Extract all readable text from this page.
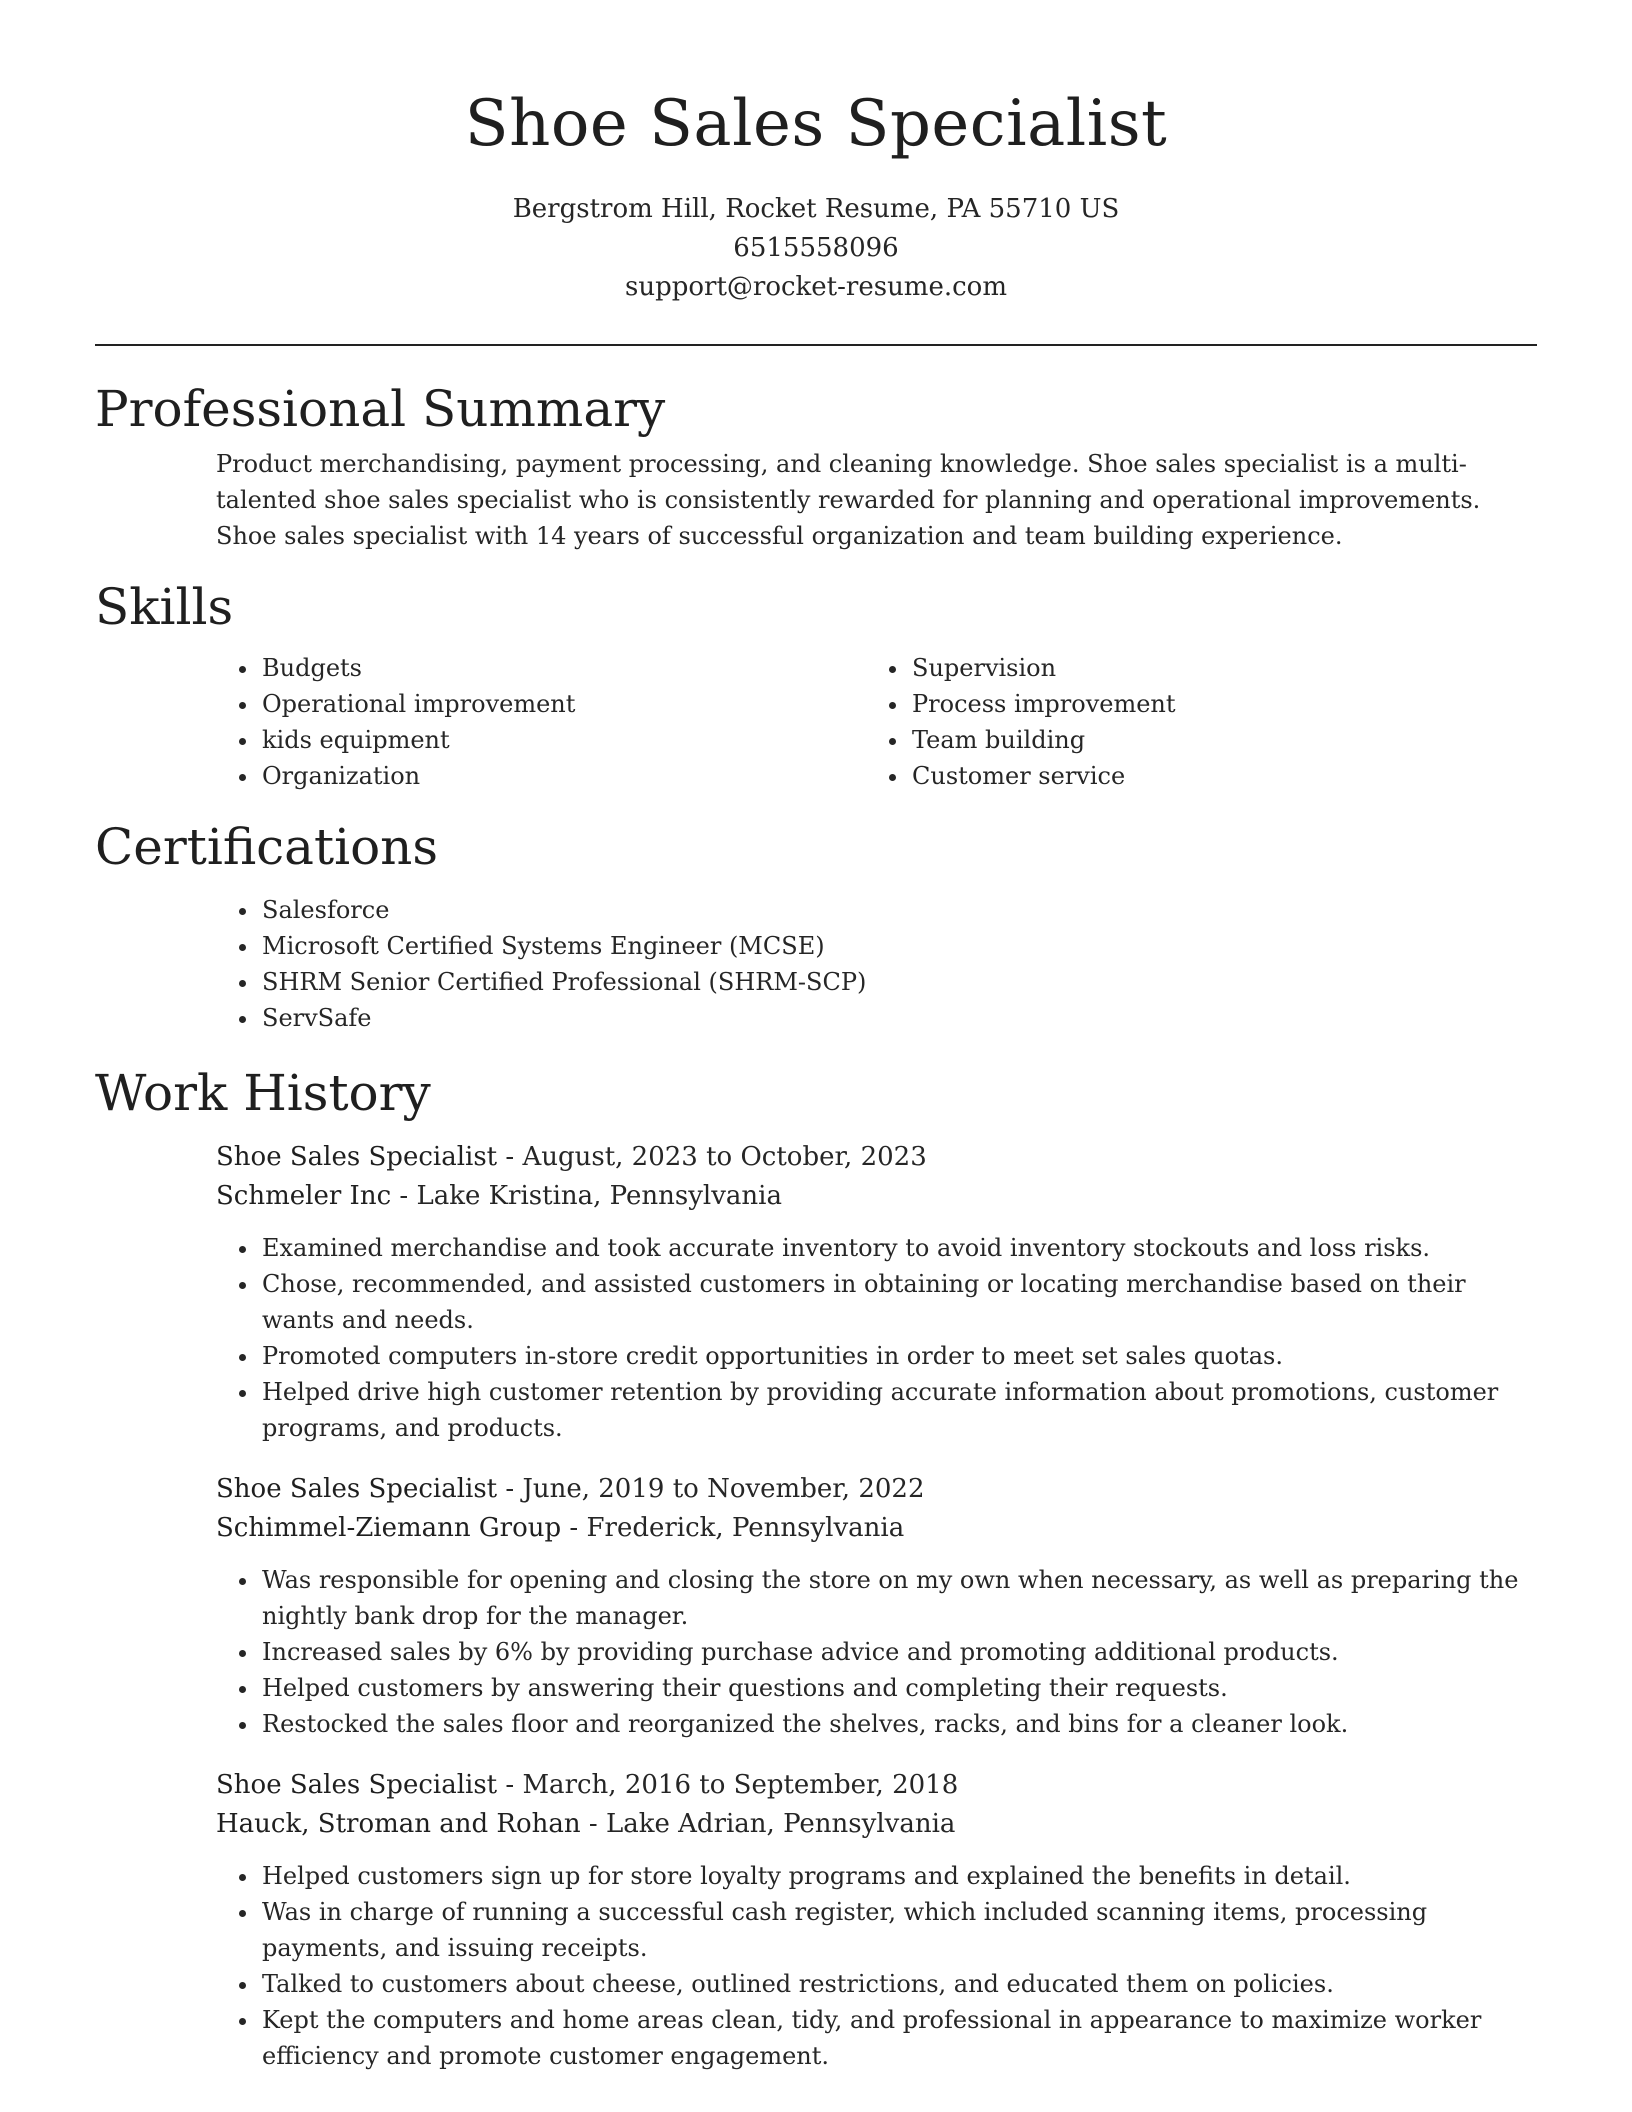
Shoe Sales Specialist
Bergstrom Hill, Rocket Resume, PA 55710 US
6515558096
support@rocket-resume.com
Professional Summary
Product merchandising, payment processing, and cleaning knowledge. Shoe sales specialist is a multi-talented shoe sales specialist who is consistently rewarded for planning and operational improvements. Shoe sales specialist with 14 years of successful organization and team building experience.
Skills
• Budgets
• Operational improvement
• kids equipment
• Organization
• Supervision
• Process improvement
• Team building
• Customer service
Certifications
• Salesforce
• Microsoft Certified Systems Engineer (MCSE)
• SHRM Senior Certified Professional (SHRM-SCP)
• ServSafe
Work History
Shoe Sales Specialist - August, 2023 to October, 2023
Schmeler Inc - Lake Kristina, Pennsylvania
• Examined merchandise and took accurate inventory to avoid inventory stockouts and loss risks.
• Chose, recommended, and assisted customers in obtaining or locating merchandise based on their wants and needs.
• Promoted computers in-store credit opportunities in order to meet set sales quotas.
• Helped drive high customer retention by providing accurate information about promotions, customer programs, and products.
Shoe Sales Specialist - June, 2019 to November, 2022
Schimmel-Ziemann Group - Frederick, Pennsylvania
• Was responsible for opening and closing the store on my own when necessary, as well as preparing the nightly bank drop for the manager.
• Increased sales by 6% by providing purchase advice and promoting additional products.
• Helped customers by answering their questions and completing their requests.
• Restocked the sales floor and reorganized the shelves, racks, and bins for a cleaner look.
Shoe Sales Specialist - March, 2016 to September, 2018
Hauck, Stroman and Rohan - Lake Adrian, Pennsylvania
• Helped customers sign up for store loyalty programs and explained the benefits in detail.
• Was in charge of running a successful cash register, which included scanning items, processing payments, and issuing receipts.
• Talked to customers about cheese, outlined restrictions, and educated them on policies.
• Kept the computers and home areas clean, tidy, and professional in appearance to maximize worker efficiency and promote customer engagement.
